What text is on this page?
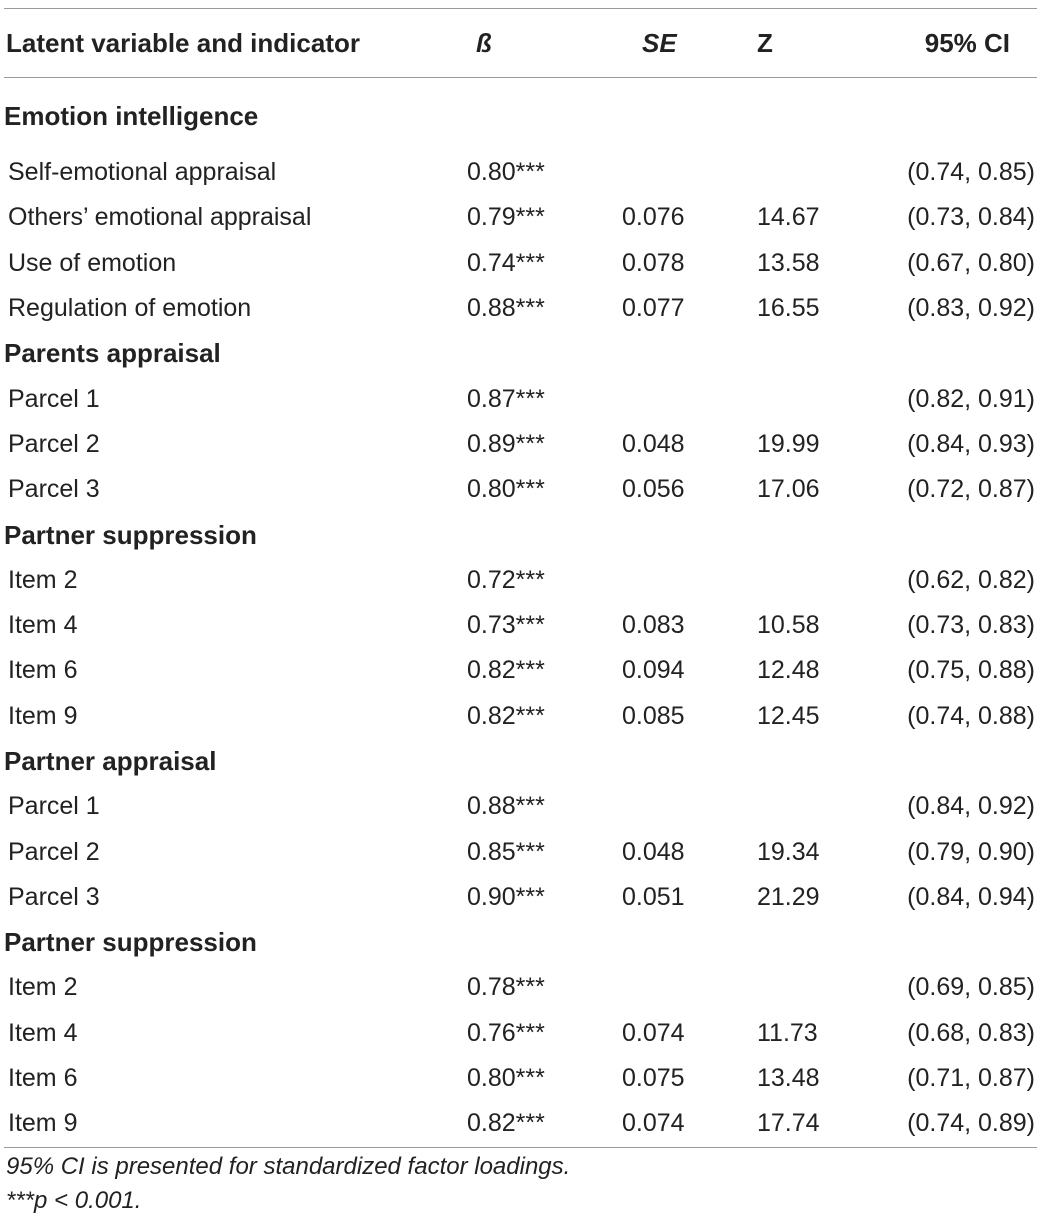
Latent variable and indicator	ß	SE	Z	95% CI
Emotion intelligence				
Self-emotional appraisal	0.80***			(0.74, 0.85)
Others’ emotional appraisal	0.79***	0.076	14.67	(0.73, 0.84)
Use of emotion	0.74***	0.078	13.58	(0.67, 0.80)
Regulation of emotion	0.88***	0.077	16.55	(0.83, 0.92)
Parents appraisal				
Parcel 1	0.87***			(0.82, 0.91)
Parcel 2	0.89***	0.048	19.99	(0.84, 0.93)
Parcel 3	0.80***	0.056	17.06	(0.72, 0.87)
Partner suppression				
Item 2	0.72***			(0.62, 0.82)
Item 4	0.73***	0.083	10.58	(0.73, 0.83)
Item 6	0.82***	0.094	12.48	(0.75, 0.88)
Item 9	0.82***	0.085	12.45	(0.74, 0.88)
Partner appraisal				
Parcel 1	0.88***			(0.84, 0.92)
Parcel 2	0.85***	0.048	19.34	(0.79, 0.90)
Parcel 3	0.90***	0.051	21.29	(0.84, 0.94)
Partner suppression				
Item 2	0.78***			(0.69, 0.85)
Item 4	0.76***	0.074	11.73	(0.68, 0.83)
Item 6	0.80***	0.075	13.48	(0.71, 0.87)
Item 9	0.82***	0.074	17.74	(0.74, 0.89)
95% CI is presented for standardized factor loadings.
***p < 0.001.
